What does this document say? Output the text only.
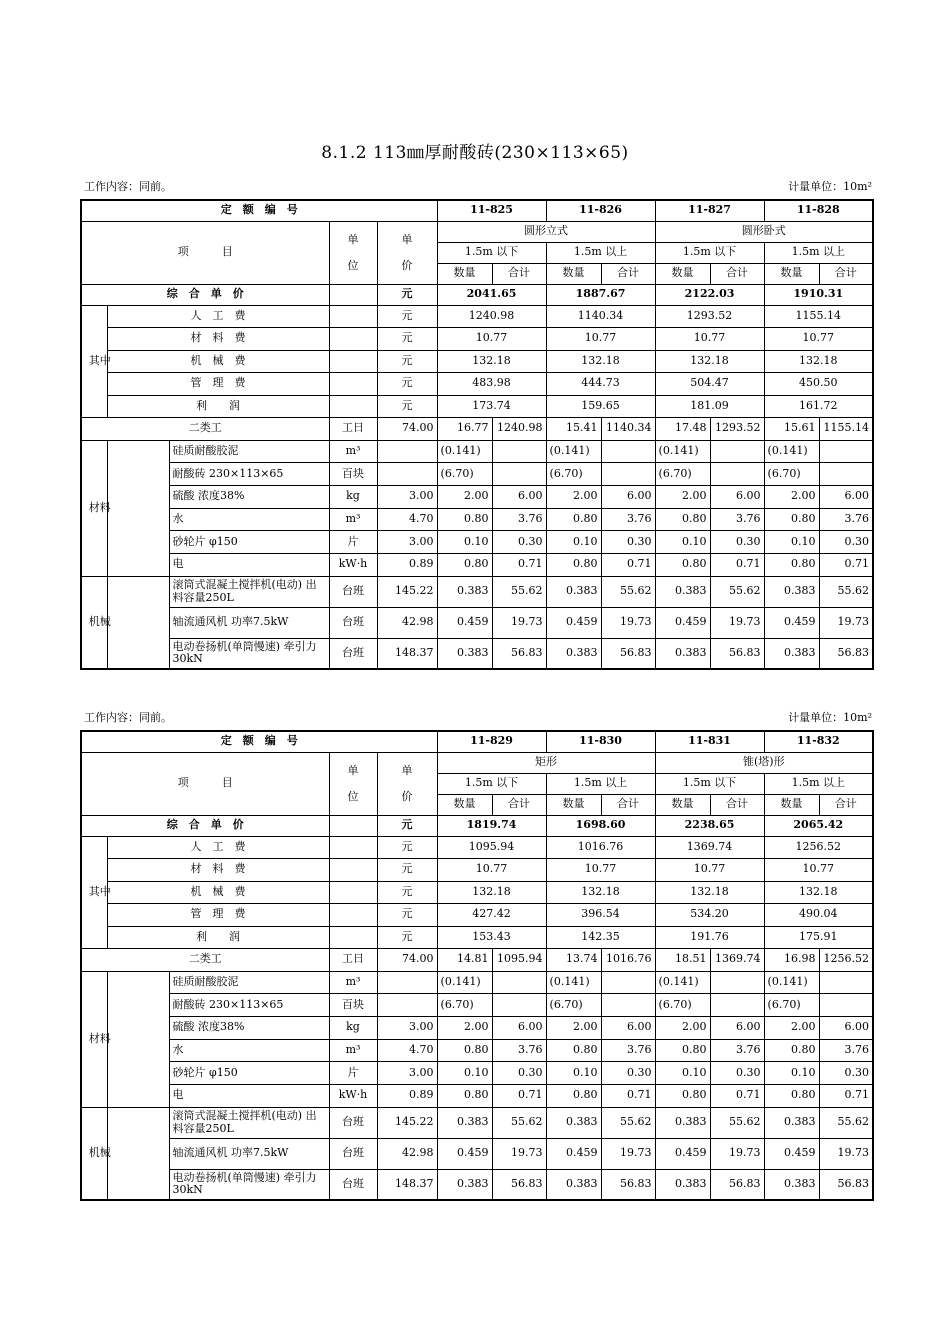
8.1.2 113㎜厚耐酸砖(230×113×65)
工作内容：同前。	计量单位：10m²
定　额　编　号					11-825		11-826		11-827		11-828	
项　　　目			单位	单价	圆形立式				圆形卧式			
					1.5m 以下		1.5m 以上		1.5m 以下		1.5m 以上	
					数量	合计	数量	合计	数量	合计	数量	合计
综　合　单　价				元	2041.65		1887.67		2122.03		1910.31	

其中	人　工　费			元	1240.98		1140.34		1293.52		1155.14	
	材　料　费			元	10.77		10.77		10.77		10.77	
	机　械　费			元	132.18		132.18		132.18		132.18	
	管　理　费			元	483.98		444.73		504.47		450.50	
	利　　润			元	173.74		159.65		181.09		161.72	
二类工			工日	74.00	16.77	1240.98	15.41	1140.34	17.48	1293.52	15.61	1155.14

材料		硅质耐酸胶泥	m³		(0.141)		(0.141)		(0.141)		(0.141)	
		耐酸砖 230×113×65	百块		(6.70)		(6.70)		(6.70)		(6.70)	
		硫酸 浓度38%	kg	3.00	2.00	6.00	2.00	6.00	2.00	6.00	2.00	6.00
		水	m³	4.70	0.80	3.76	0.80	3.76	0.80	3.76	0.80	3.76
		砂轮片 φ150	片	3.00	0.10	0.30	0.10	0.30	0.10	0.30	0.10	0.30
		电	kW·h	0.89	0.80	0.71	0.80	0.71	0.80	0.71	0.80	0.71

机械		滚筒式混凝土搅拌机(电动) 出料容量250L	台班	145.22	0.383	55.62	0.383	55.62	0.383	55.62	0.383	55.62
		轴流通风机 功率7.5kW	台班	42.98	0.459	19.73	0.459	19.73	0.459	19.73	0.459	19.73
		电动卷扬机(单筒慢速) 牵引力30kN	台班	148.37	0.383	56.83	0.383	56.83	0.383	56.83	0.383	56.83
工作内容：同前。	计量单位：10m²
定　额　编　号					11-829		11-830		11-831		11-832	
项　　　目			单位	单价	矩形				锥(塔)形			
					1.5m 以下		1.5m 以上		1.5m 以下		1.5m 以上	
					数量	合计	数量	合计	数量	合计	数量	合计
综　合　单　价				元	1819.74		1698.60		2238.65		2065.42	

其中	人　工　费			元	1095.94		1016.76		1369.74		1256.52	
	材　料　费			元	10.77		10.77		10.77		10.77	
	机　械　费			元	132.18		132.18		132.18		132.18	
	管　理　费			元	427.42		396.54		534.20		490.04	
	利　　润			元	153.43		142.35		191.76		175.91	
二类工			工日	74.00	14.81	1095.94	13.74	1016.76	18.51	1369.74	16.98	1256.52

材料		硅质耐酸胶泥	m³		(0.141)		(0.141)		(0.141)		(0.141)	
		耐酸砖 230×113×65	百块		(6.70)		(6.70)		(6.70)		(6.70)	
		硫酸 浓度38%	kg	3.00	2.00	6.00	2.00	6.00	2.00	6.00	2.00	6.00
		水	m³	4.70	0.80	3.76	0.80	3.76	0.80	3.76	0.80	3.76
		砂轮片 φ150	片	3.00	0.10	0.30	0.10	0.30	0.10	0.30	0.10	0.30
		电	kW·h	0.89	0.80	0.71	0.80	0.71	0.80	0.71	0.80	0.71

机械		滚筒式混凝土搅拌机(电动) 出料容量250L	台班	145.22	0.383	55.62	0.383	55.62	0.383	55.62	0.383	55.62
		轴流通风机 功率7.5kW	台班	42.98	0.459	19.73	0.459	19.73	0.459	19.73	0.459	19.73
		电动卷扬机(单筒慢速) 牵引力30kN	台班	148.37	0.383	56.83	0.383	56.83	0.383	56.83	0.383	56.83
